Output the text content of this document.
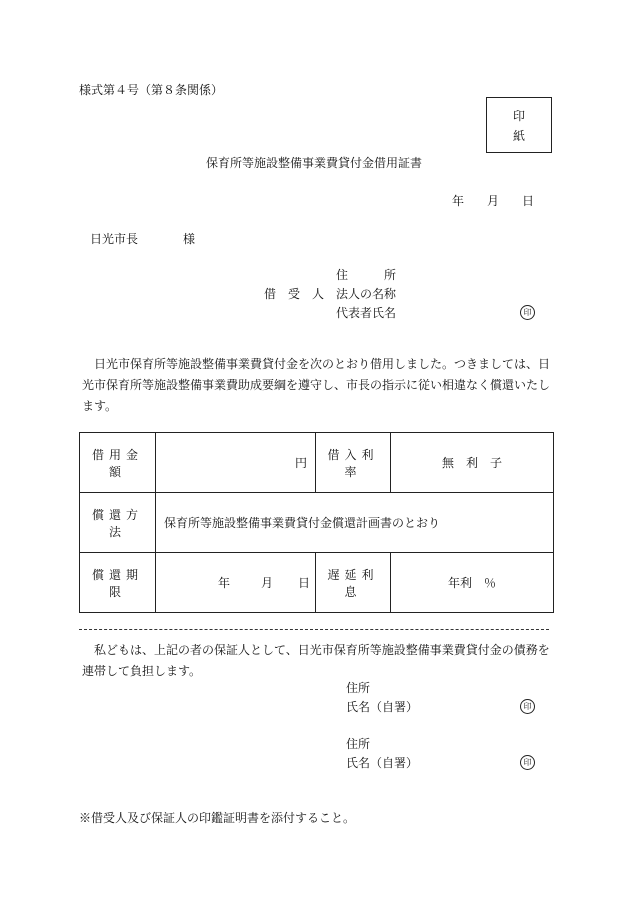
様式第４号（第８条関係）
印
紙
保育所等施設整備事業費貸付金借用証書
年 月 日
日光市長	様
住　　　所
借　受　人 法人の名称
代表者氏名	印
日光市保育所等施設整備事業費貸付金を次のとおり借用しました。つきましては、日光市保育所等施設整備事業費助成要綱を遵守し、市長の指示に従い相違なく償還いたします。
借用金額	円	借入利率	無　利　子
償還方法	保育所等施設整備事業費貸付金償還計画書のとおり		
償還期限	年 月 日	遅延利息	年利　％
私どもは、上記の者の保証人として、日光市保育所等施設整備事業費貸付金の債務を連帯して負担します。
住所
氏名（自署）	印
住所
氏名（自署）	印
※借受人及び保証人の印鑑証明書を添付すること。
